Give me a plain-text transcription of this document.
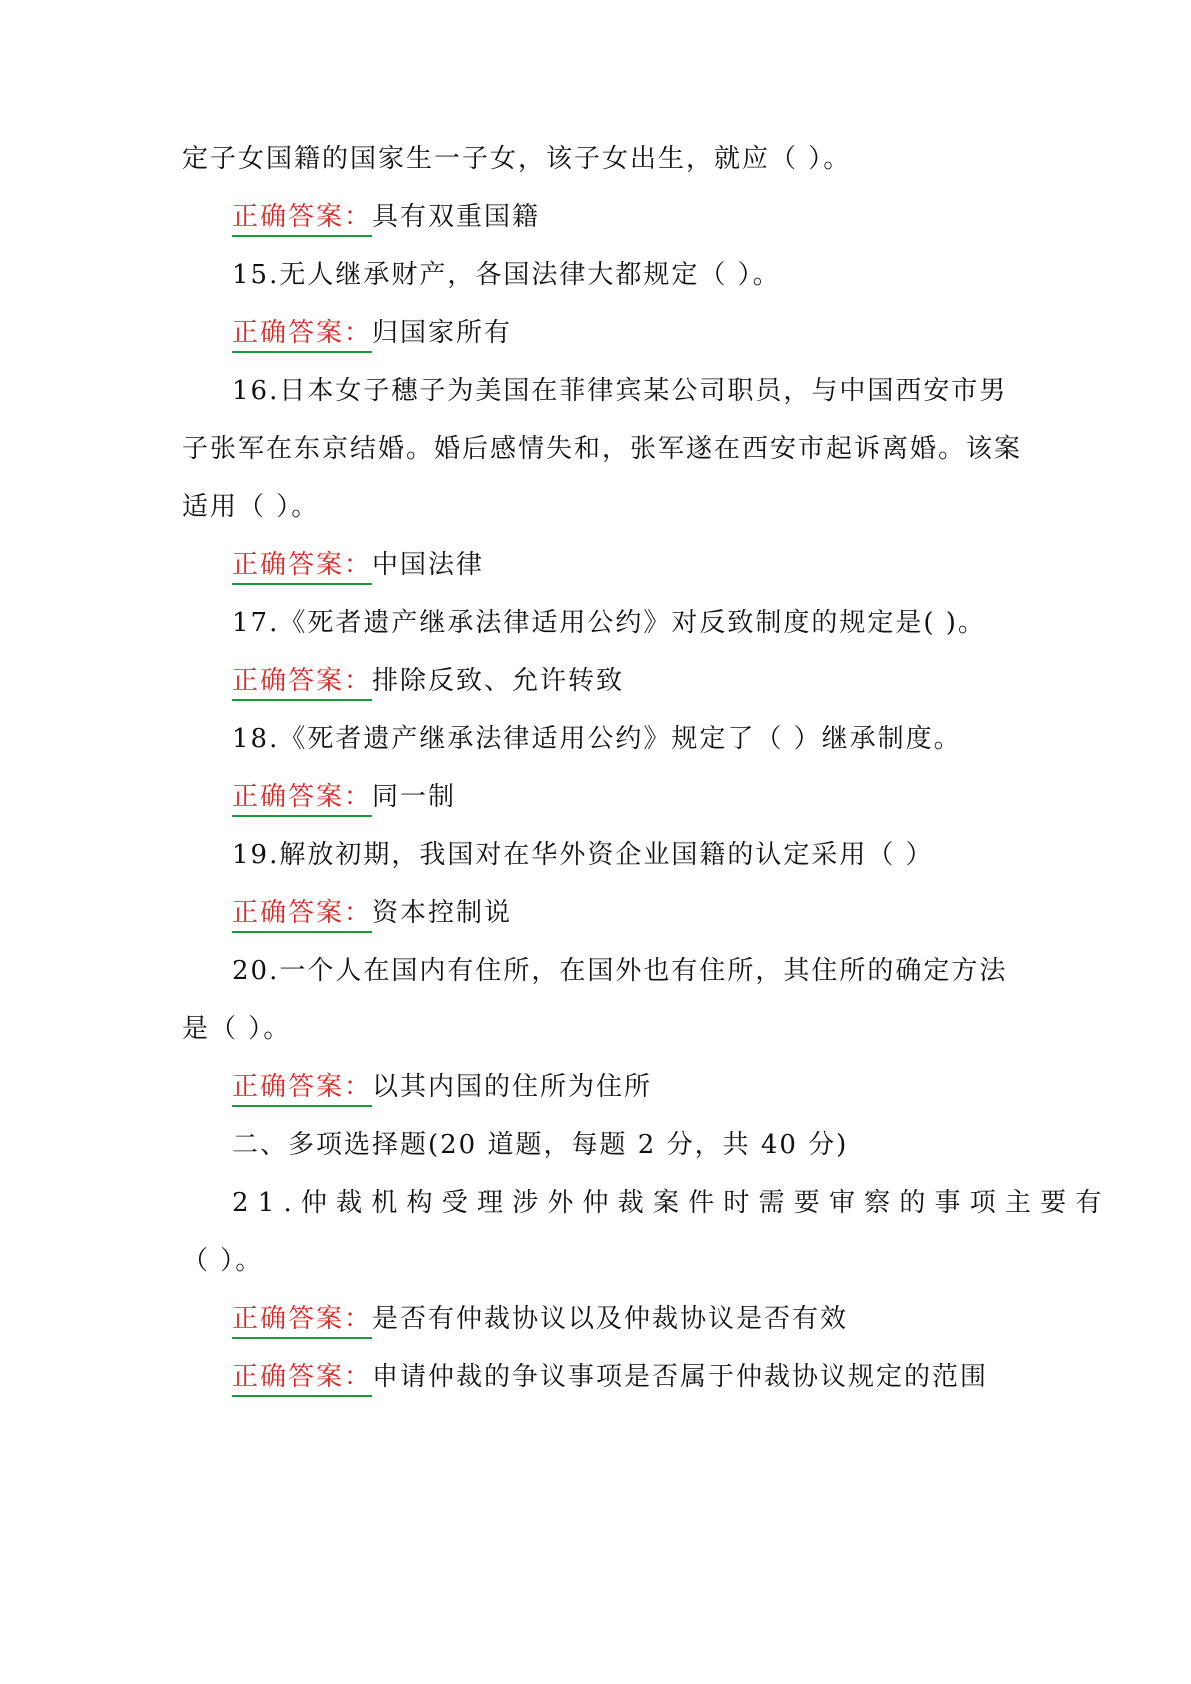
定子女国籍的国家生一子女，该子女出生，就应（ ）。
正确答案：具有双重国籍
15.无人继承财产，各国法律大都规定（ ）。
正确答案：归国家所有
16.日本女子穗子为美国在菲律宾某公司职员，与中国西安市男
子张军在东京结婚。婚后感情失和，张军遂在西安市起诉离婚。该案
适用（ ）。
正确答案：中国法律
17.《死者遗产继承法律适用公约》对反致制度的规定是( )。
正确答案：排除反致、允许转致
18.《死者遗产继承法律适用公约》规定了（ ）继承制度。
正确答案：同一制
19.解放初期，我国对在华外资企业国籍的认定采用（ ）
正确答案：资本控制说
20.一个人在国内有住所，在国外也有住所，其住所的确定方法
是（ ）。
正确答案：以其内国的住所为住所
二、多项选择题(20 道题，每题 2 分，共 40 分)
21.仲裁机构受理涉外仲裁案件时需要审察的事项主要有
（ ）。
正确答案：是否有仲裁协议以及仲裁协议是否有效
正确答案：申请仲裁的争议事项是否属于仲裁协议规定的范围
